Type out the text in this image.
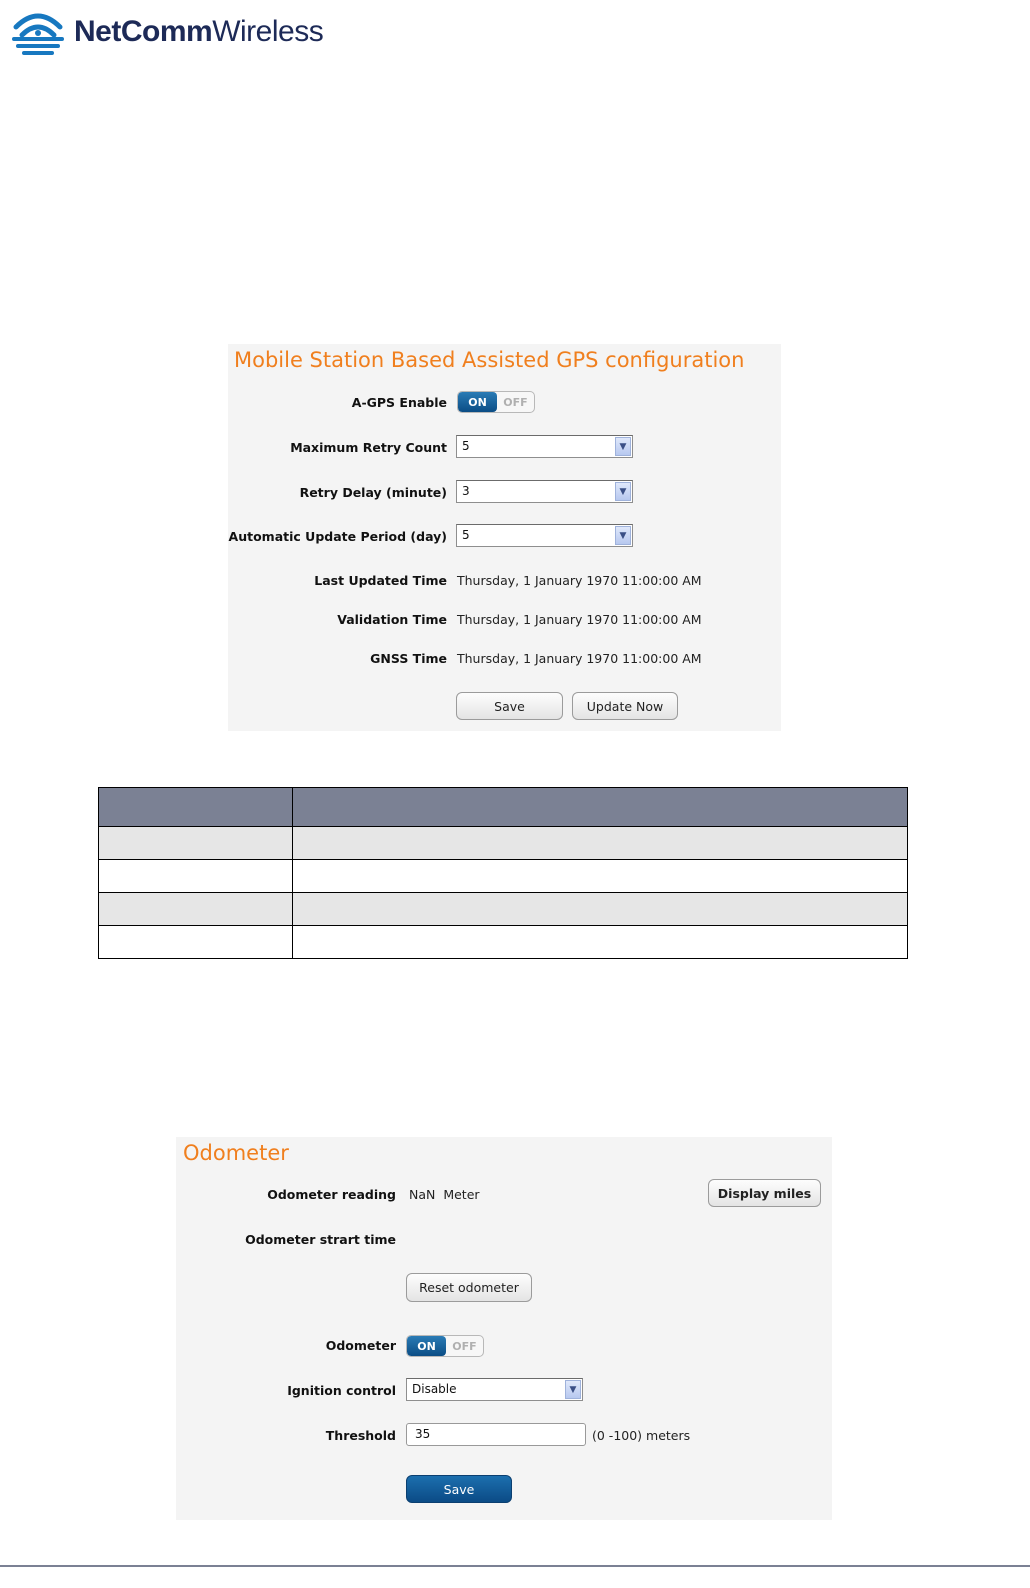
NetCommWireless
Mobile Station Based Assisted GPS configuration
A-GPS Enable	ON	OFF
Maximum Retry Count 5	▼
Retry Delay (minute) 3	▼
Automatic Update Period (day) 5	▼
Last Updated Time Thursday, 1 January 1970 11:00:00 AM
Validation Time Thursday, 1 January 1970 11:00:00 AM
GNSS Time Thursday, 1 January 1970 11:00:00 AM
Save	Update Now

Odometer
Odometer reading NaN Meter	Display miles
Odometer strart time
Reset odometer
Odometer	ON	OFF
Ignition control Disable	▼
Threshold	35	(0 -100) meters
Save
